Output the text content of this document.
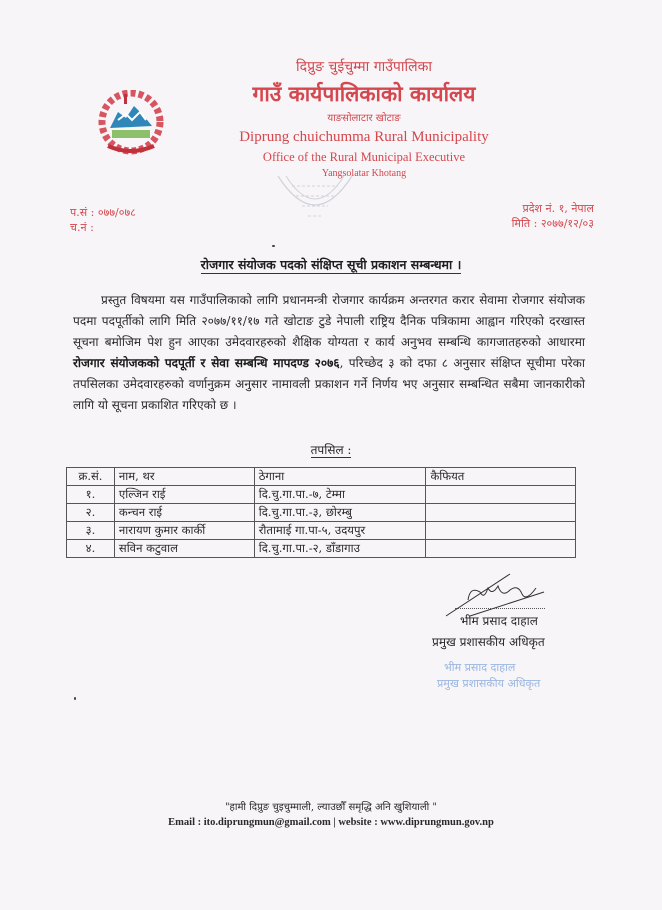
दिप्रुङ चुईचुम्मा गाउँपालिका
गाउँ कार्यपालिकाको कार्यालय
याङसोलाटार खोटाङ
Diprung chuichumma Rural Municipality
Office of the Rural Municipal Executive
Yangsolatar Khotang
प.सं : ०७७/०७८
च.नं :
प्रदेश नं. १, नेपाल
मिति : २०७७/१२/०३
रोजगार संयोजक पदको संक्षिप्त सूची प्रकाशन सम्बन्धमा ।
प्रस्तुत विषयमा यस गाउँपालिकाको लागि प्रधानमन्त्री रोजगार कार्यक्रम अन्तरगत करार सेवामा रोजगार संयोजक पदमा पदपूर्तीको लागि मिति २०७७/११/१७ गते खोटाङ टुडे नेपाली राष्ट्रिय दैनिक पत्रिकामा आह्वान गरिएको दरखास्त सूचना बमोजिम पेश हुन आएका उमेदवारहरुको शैक्षिक योग्यता र कार्य अनुभव सम्बन्धि कागजातहरुको आधारमा रोजगार संयोजकको पदपूर्ती र सेवा सम्बन्धि मापदण्ड २०७६, परिच्छेद ३ को दफा ८ अनुसार संक्षिप्त सूचीमा परेका तपसिलका उमेदवारहरुको वर्णानुक्रम अनुसार नामावली प्रकाशन गर्ने निर्णय भए अनुसार सम्बन्धित सबैमा जानकारीको लागि यो सूचना प्रकाशित गरिएको छ ।
तपसिल :
क्र.सं.	नाम, थर	ठेगाना	कैफियत
१.	एल्जिन राई	दि.चु.गा.पा.-७, टेम्मा	
२.	कन्चन राई	दि.चु.गा.पा.-३, छोरम्बु	
३.	नारायण कुमार कार्की	रौतामाई गा.पा-५, उदयपुर	
४.	सविन कटुवाल	दि.चु.गा.पा.-२, डाँडागाउ	
भीम प्रसाद दाहाल
प्रमुख प्रशासकीय अधिकृत
भीम प्रसाद दाहाल
प्रमुख प्रशासकीय अधिकृत
"हामी दिप्रुङ चुइचुम्माली, ल्याउछौँ समृद्धि अनि खुशियाली "
Email : ito.diprungmun@gmail.com | website : www.diprungmun.gov.np
